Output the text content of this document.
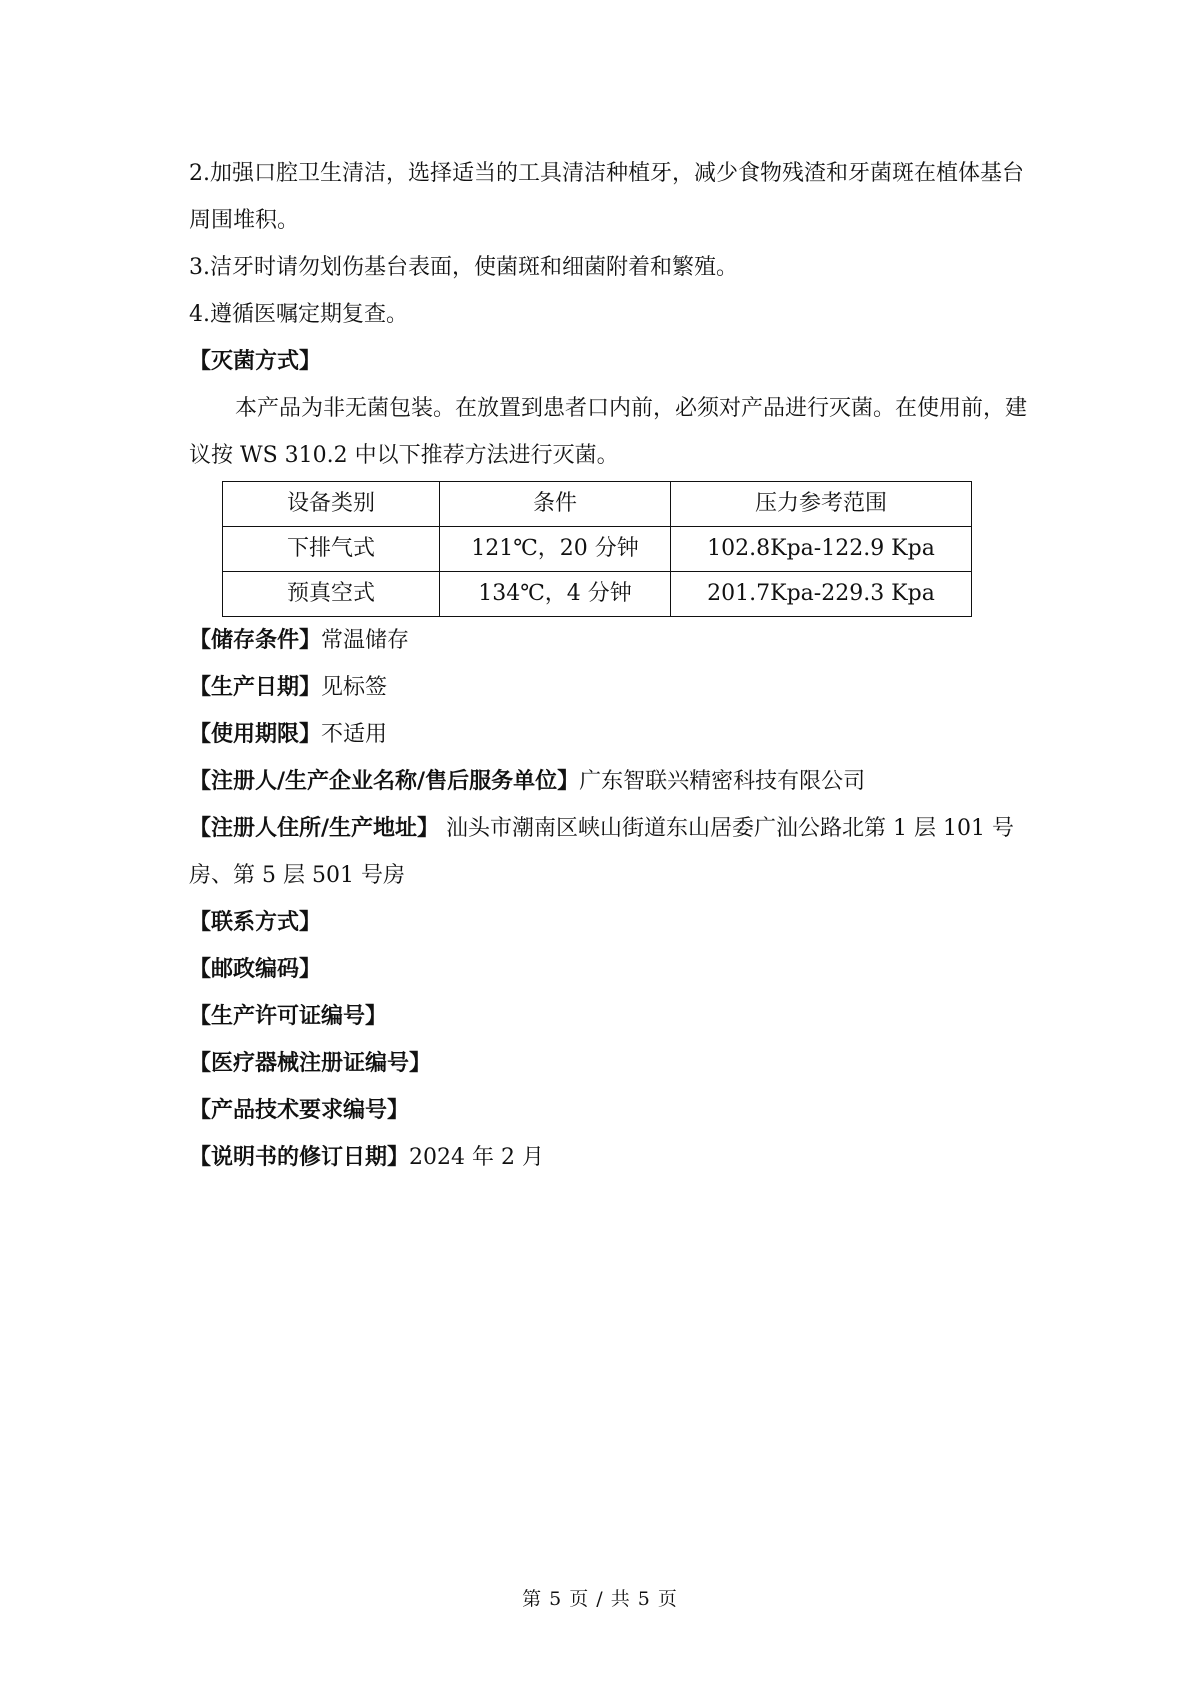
2.加强口腔卫生清洁，选择适当的工具清洁种植牙，减少食物残渣和牙菌斑在植体基台周围堆积。

3.洁牙时请勿划伤基台表面，使菌斑和细菌附着和繁殖。

4.遵循医嘱定期复查。

【灭菌方式】

本产品为非无菌包装。在放置到患者口内前，必须对产品进行灭菌。在使用前，建议按 WS 310.2 中以下推荐方法进行灭菌。

设备类别	条件	压力参考范围
下排气式	121℃，20 分钟	102.8Kpa-122.9 Kpa
预真空式	134℃，4 分钟	201.7Kpa-229.3 Kpa

【储存条件】常温储存

【生产日期】见标签

【使用期限】不适用

【注册人/生产企业名称/售后服务单位】广东智联兴精密科技有限公司

【注册人住所/生产地址】 汕头市潮南区峡山街道东山居委广汕公路北第 1 层 101 号房、第 5 层 501 号房

【联系方式】

【邮政编码】

【生产许可证编号】

【医疗器械注册证编号】

【产品技术要求编号】

【说明书的修订日期】2024 年 2 月

第 5 页 / 共 5 页
